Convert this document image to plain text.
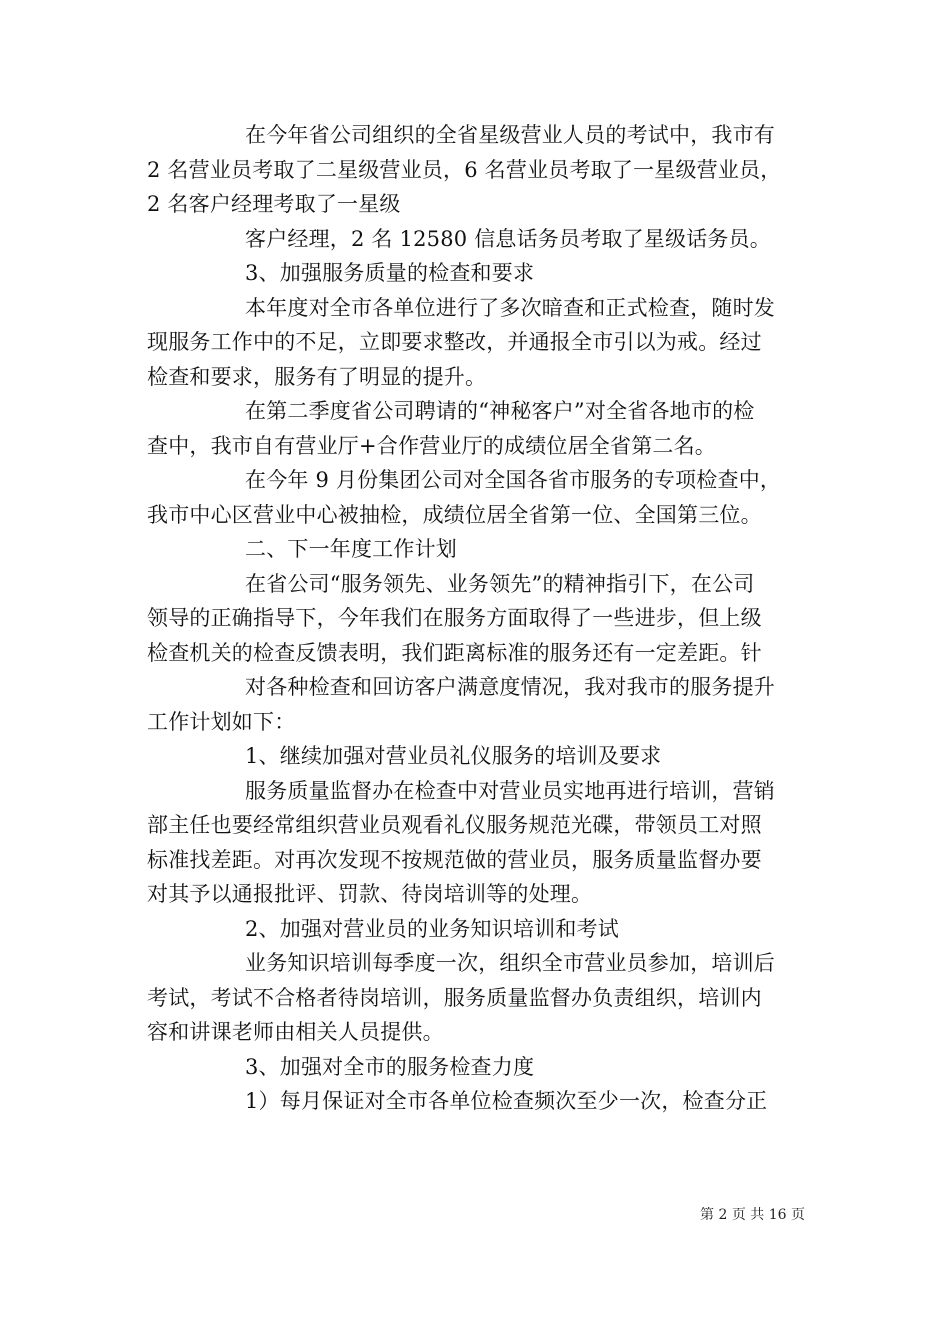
在今年省公司组织的全省星级营业人员的考试中，我市有
2 名营业员考取了二星级营业员，6 名营业员考取了一星级营业员，
2 名客户经理考取了一星级
客户经理，2 名 12580 信息话务员考取了星级话务员。
3、加强服务质量的检查和要求
本年度对全市各单位进行了多次暗查和正式检查，随时发
现服务工作中的不足，立即要求整改，并通报全市引以为戒。经过
检查和要求，服务有了明显的提升。
在第二季度省公司聘请的“神秘客户”对全省各地市的检
查中，我市自有营业厅+合作营业厅的成绩位居全省第二名。
在今年 9 月份集团公司对全国各省市服务的专项检查中，
我市中心区营业中心被抽检，成绩位居全省第一位、全国第三位。
二、下一年度工作计划
在省公司“服务领先、业务领先”的精神指引下，在公司
领导的正确指导下，今年我们在服务方面取得了一些进步，但上级
检查机关的检查反馈表明，我们距离标准的服务还有一定差距。针
对各种检查和回访客户满意度情况，我对我市的服务提升
工作计划如下：
1、继续加强对营业员礼仪服务的培训及要求
服务质量监督办在检查中对营业员实地再进行培训，营销
部主任也要经常组织营业员观看礼仪服务规范光碟，带领员工对照
标准找差距。对再次发现不按规范做的营业员，服务质量监督办要
对其予以通报批评、罚款、待岗培训等的处理。
2、加强对营业员的业务知识培训和考试
业务知识培训每季度一次，组织全市营业员参加，培训后
考试，考试不合格者待岗培训，服务质量监督办负责组织，培训内
容和讲课老师由相关人员提供。
3、加强对全市的服务检查力度
1）每月保证对全市各单位检查频次至少一次，检查分正
第 2 页 共 16 页
